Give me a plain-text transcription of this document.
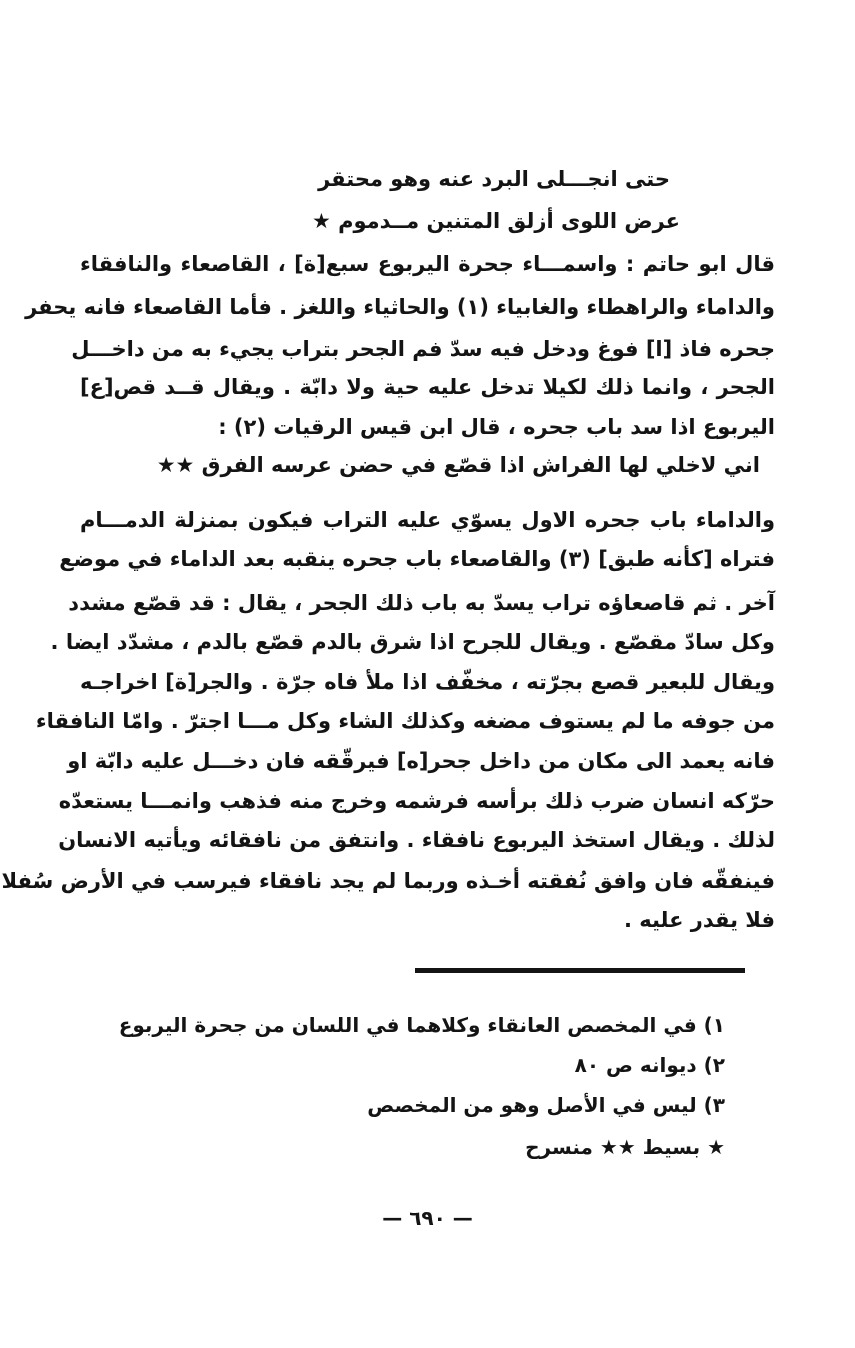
حتى انجـــلى البرد عنه وهو محتقر
عرض اللوى أزلق المتنين مــدموم ★
قال ابو حاتم : واسمـــاء جحرة اليربوع سبع[ة] ، القاصعاء والنافقاء
والداماء والراهطاء والغابياء (١) والحاثياء واللغز . فأما القاصعاء فانه يحفر
جحره فاذ [ا] فوغ ودخل فيه سدّ فم الجحر بتراب يجيء به من داخـــل
الجحر ، وانما ذلك لكيلا تدخل عليه حية ولا دابّة . ويقال قــد قص[ع]
اليربوع اذا سد باب جحره ، قال ابن قيس الرقيات (٢) :
اني لاخلي لها الفراش اذا قصّع في حضن عرسه الفرق ★★
والداماء باب جحره الاول يسوّي عليه التراب فيكون بمنزلة الدمـــام
فتراه [كأنه طبق] (٣) والقاصعاء باب جحره ينقبه بعد الداماء في موضع
آخر . ثم قاصعاؤه تراب يسدّ به باب ذلك الجحر ، يقال : قد قصّع مشدد
وكل سادّ مقصّع . ويقال للجرح اذا شرق بالدم قصّع بالدم ، مشدّد ايضا .
ويقال للبعير قصع بجرّته ، مخفّف اذا ملأ فاه جرّة . والجر[ة] اخراجـه
من جوفه ما لم يستوف مضغه وكذلك الشاء وكل مـــا اجترّ . وامّا النافقاء
فانه يعمد الى مكان من داخل جحر[ه] فيرقّقه فان دخـــل عليه دابّة او
حرّكه انسان ضرب ذلك برأسه فرشمه وخرج منه فذهب وانمـــا يستعدّه
لذلك . ويقال استخذ اليربوع نافقاء . وانتفق من نافقائه ويأتيه الانسان
فينفقّه فان وافق نُفقته أخـذه وربما لم يجد نافقاء فيرسب في الأرض سُفلا
فلا يقدر عليه .
١) في المخصص العانقاء وكلاهما في اللسان من جحرة اليربوع
٢) ديوانه ص ٨٠
٣) ليس في الأصل وهو من المخصص
★ بسيط ★★ منسرح
— ٦٩٠ —
